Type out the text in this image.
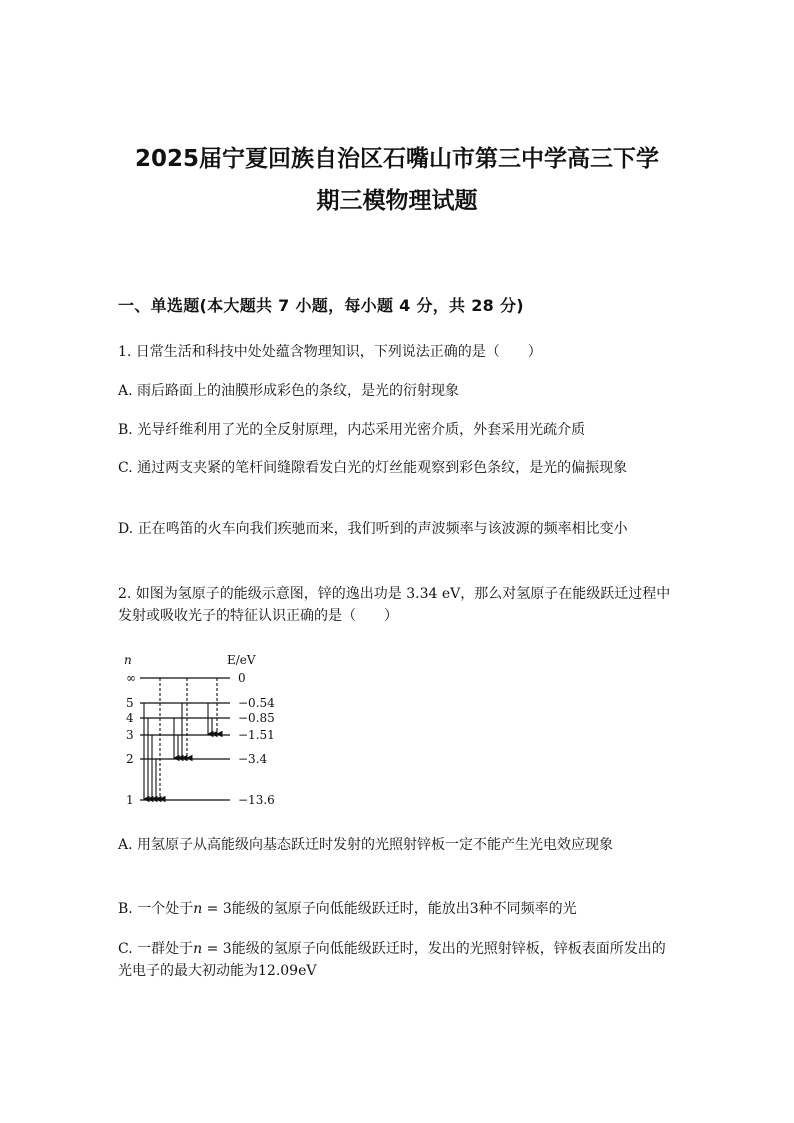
2025届宁夏回族自治区石嘴山市第三中学高三下学
期三模物理试题
一、单选题(本大题共 7 小题，每小题 4 分，共 28 分)
1. 日常生活和科技中处处蕴含物理知识，下列说法正确的是（　　）
A. 雨后路面上的油膜形成彩色的条纹，是光的衍射现象
B. 光导纤维利用了光的全反射原理，内芯采用光密介质，外套采用光疏介质
C. 通过两支夹紧的笔杆间缝隙看发白光的灯丝能观察到彩色条纹，是光的偏振现象
D. 正在鸣笛的火车向我们疾驰而来，我们听到的声波频率与该波源的频率相比变小
2. 如图为氢原子的能级示意图，锌的逸出功是 3.34 eV，那么对氢原子在能级跃迁过程中发射或吸收光子的特征认识正确的是（　　）
n	E/eV
∞	0
5	−0.54
4	−0.85
3	−1.51
2	−3.4
1	−13.6
A. 用氢原子从高能级向基态跃迁时发射的光照射锌板一定不能产生光电效应现象
B. 一个处于n = 3能级的氢原子向低能级跃迁时，能放出3种不同频率的光
C. 一群处于n = 3能级的氢原子向低能级跃迁时，发出的光照射锌板，锌板表面所发出的光电子的最大初动能为12.09eV
